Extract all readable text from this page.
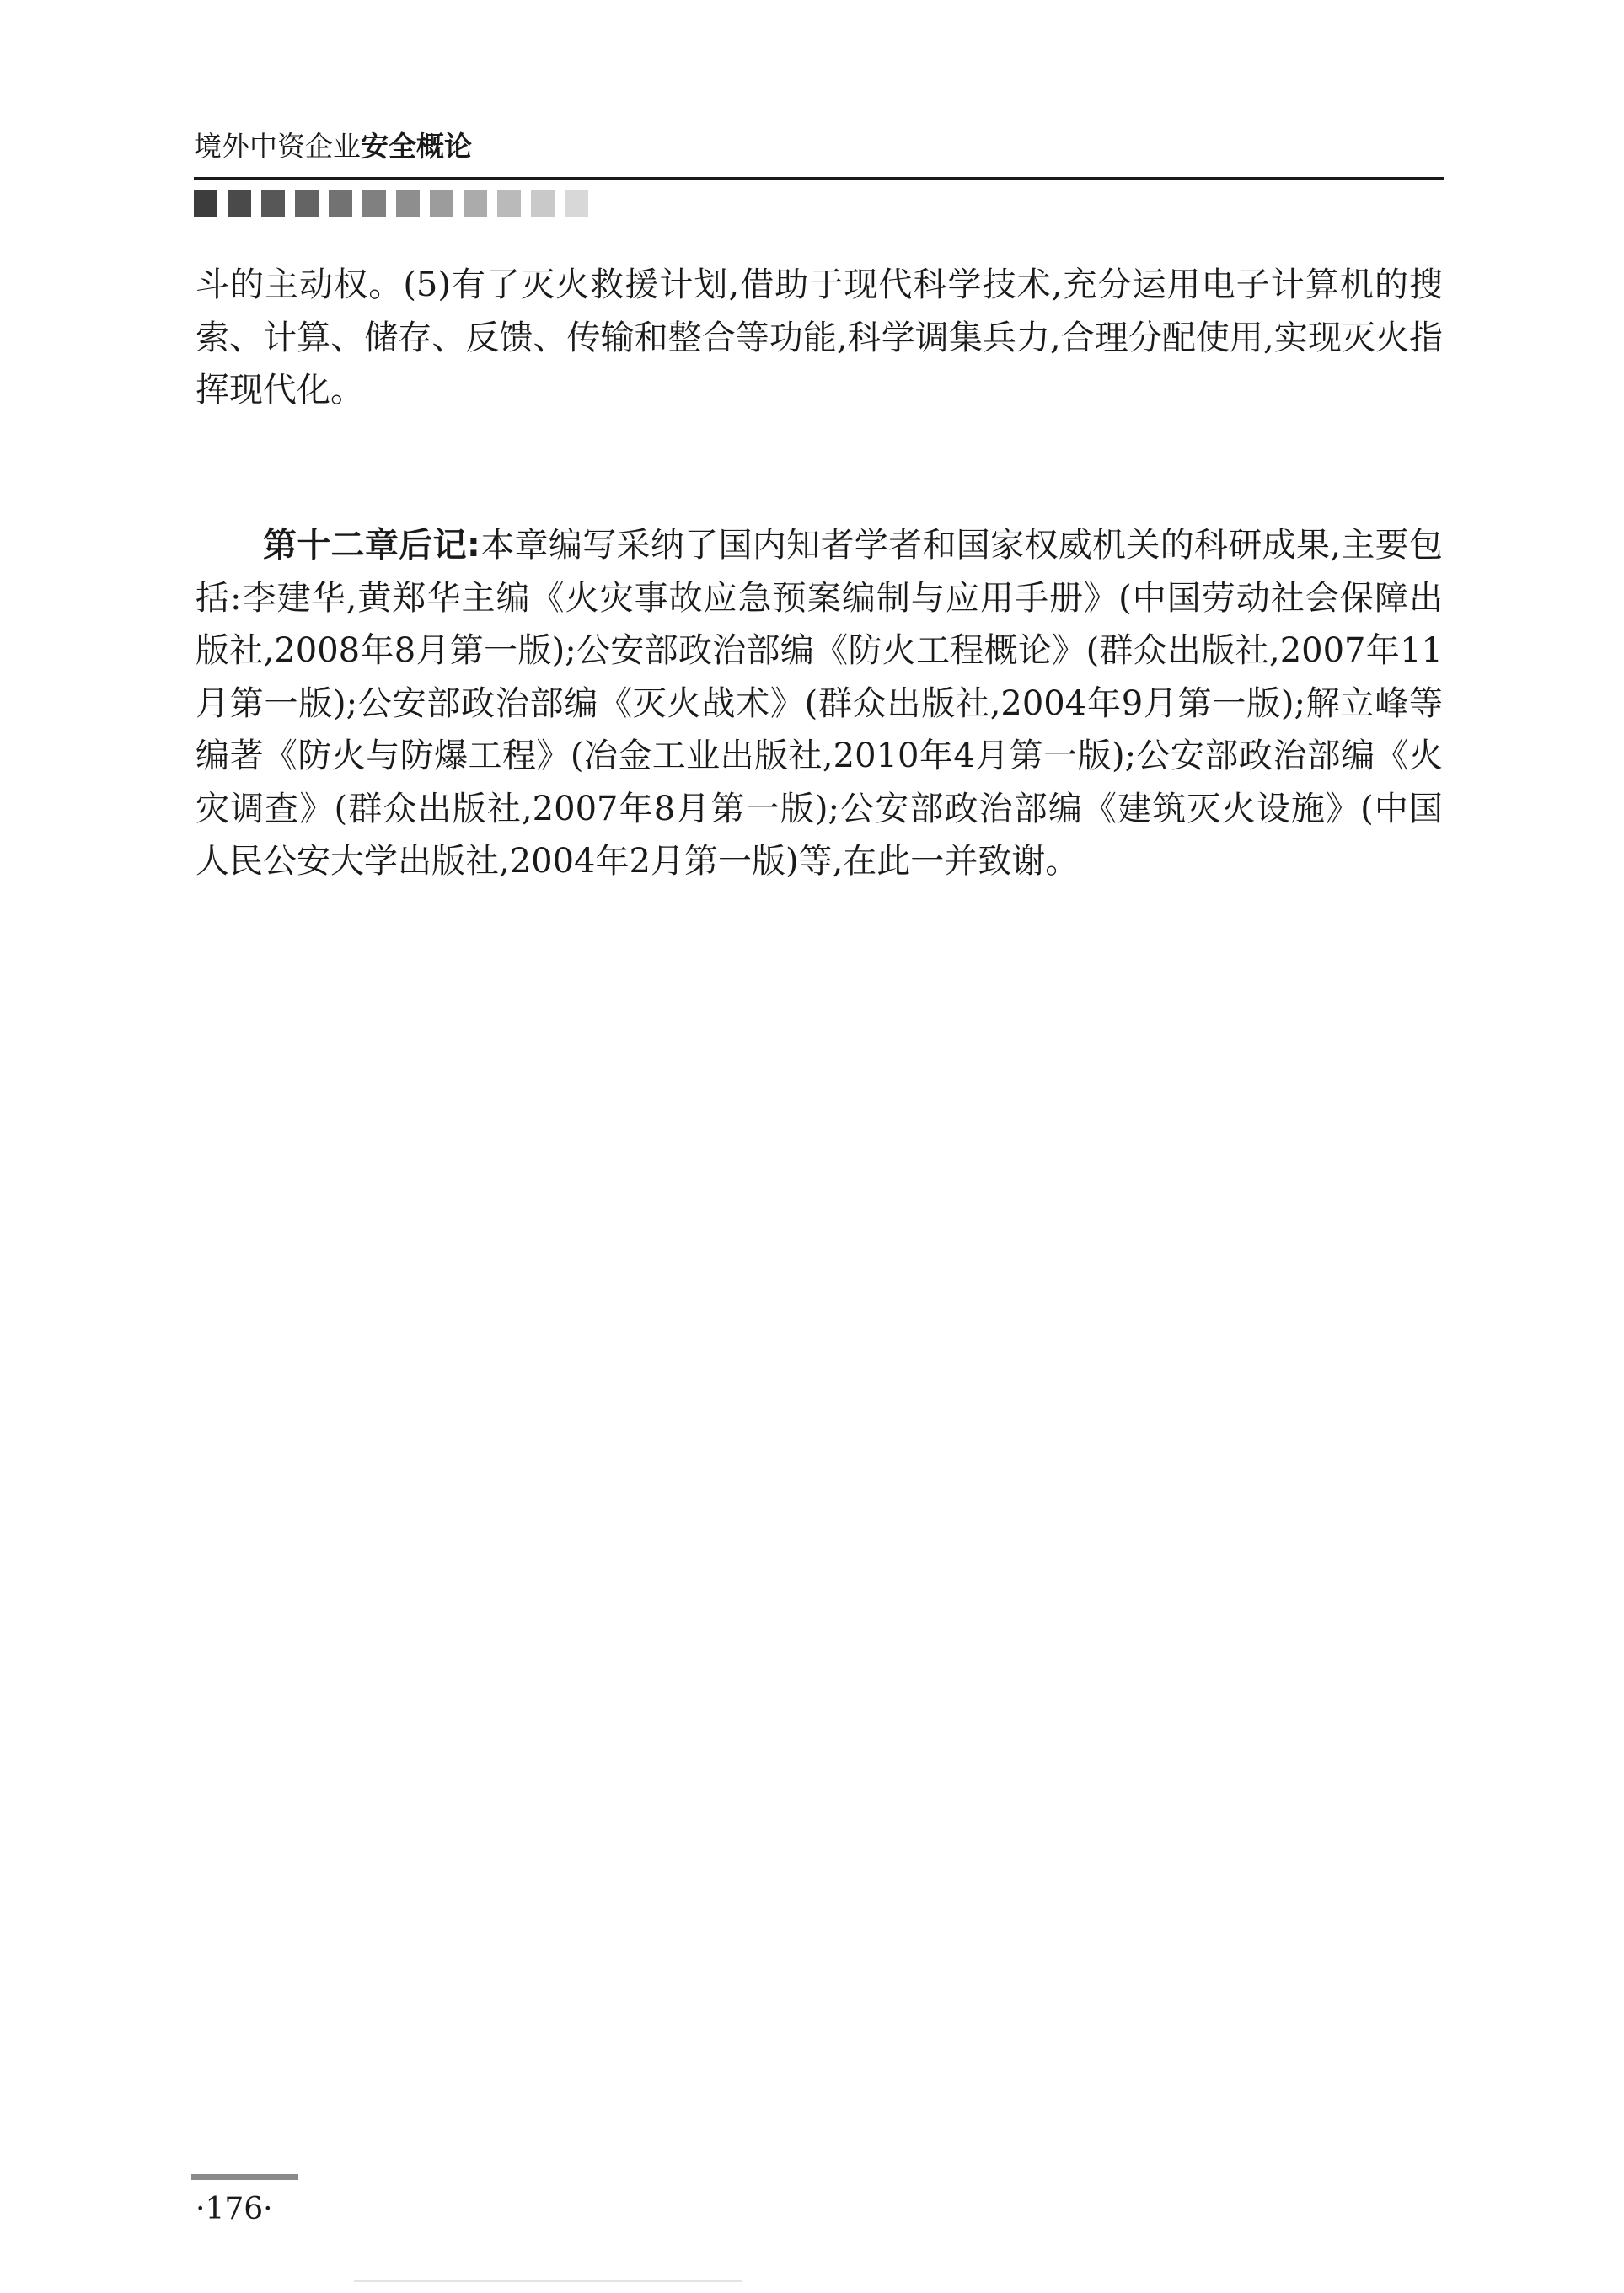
境外中资企业安全概论

斗的主动权。(5)有了灭火救援计划,借助于现代科学技术,充分运用电子计算机的搜索、计算、储存、反馈、传输和整合等功能,科学调集兵力,合理分配使用,实现灭火指挥现代化。

第十二章后记:本章编写采纳了国内知者学者和国家权威机关的科研成果,主要包括:李建华,黄郑华主编《火灾事故应急预案编制与应用手册》(中国劳动社会保障出版社,2008年8月第一版);公安部政治部编《防火工程概论》(群众出版社,2007年11月第一版);公安部政治部编《灭火战术》(群众出版社,2004年9月第一版);解立峰等编著《防火与防爆工程》(冶金工业出版社,2010年4月第一版);公安部政治部编《火灾调查》(群众出版社,2007年8月第一版);公安部政治部编《建筑灭火设施》(中国人民公安大学出版社,2004年2月第一版)等,在此一并致谢。

·176·
